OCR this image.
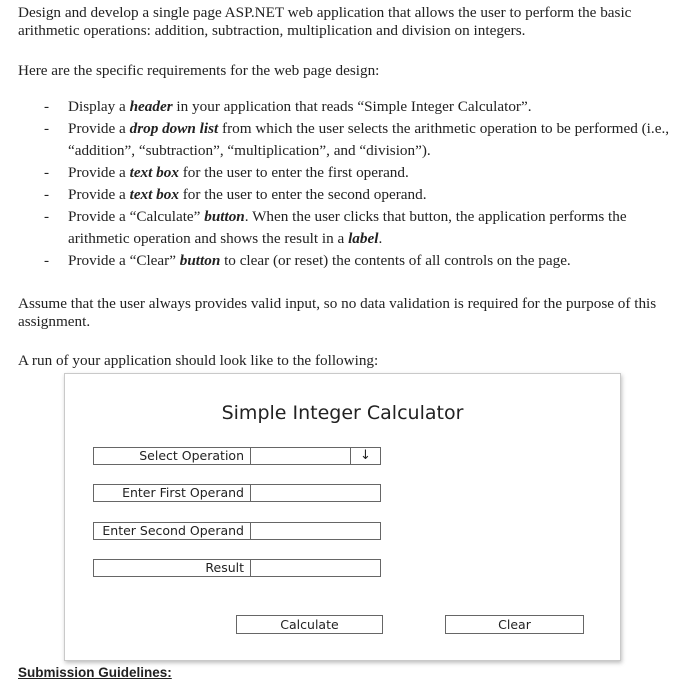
Design and develop a single page ASP.NET web application that allows the user to perform the basic arithmetic operations: addition, subtraction, multiplication and division on integers.

Here are the specific requirements for the web page design:

- Display a header in your application that reads “Simple Integer Calculator”.
- Provide a drop down list from which the user selects the arithmetic operation to be performed (i.e., “addition”, “subtraction”, “multiplication”, and “division”).
- Provide a text box for the user to enter the first operand.
- Provide a text box for the user to enter the second operand.
- Provide a “Calculate” button. When the user clicks that button, the application performs the arithmetic operation and shows the result in a label.
- Provide a “Clear” button to clear (or reset) the contents of all controls on the page.

Assume that the user always provides valid input, so no data validation is required for the purpose of this assignment.

A run of your application should look like to the following:

Simple Integer Calculator
Select Operation	↓
Enter First Operand
Enter Second Operand
Result
Calculate	Clear
Submission Guidelines:
